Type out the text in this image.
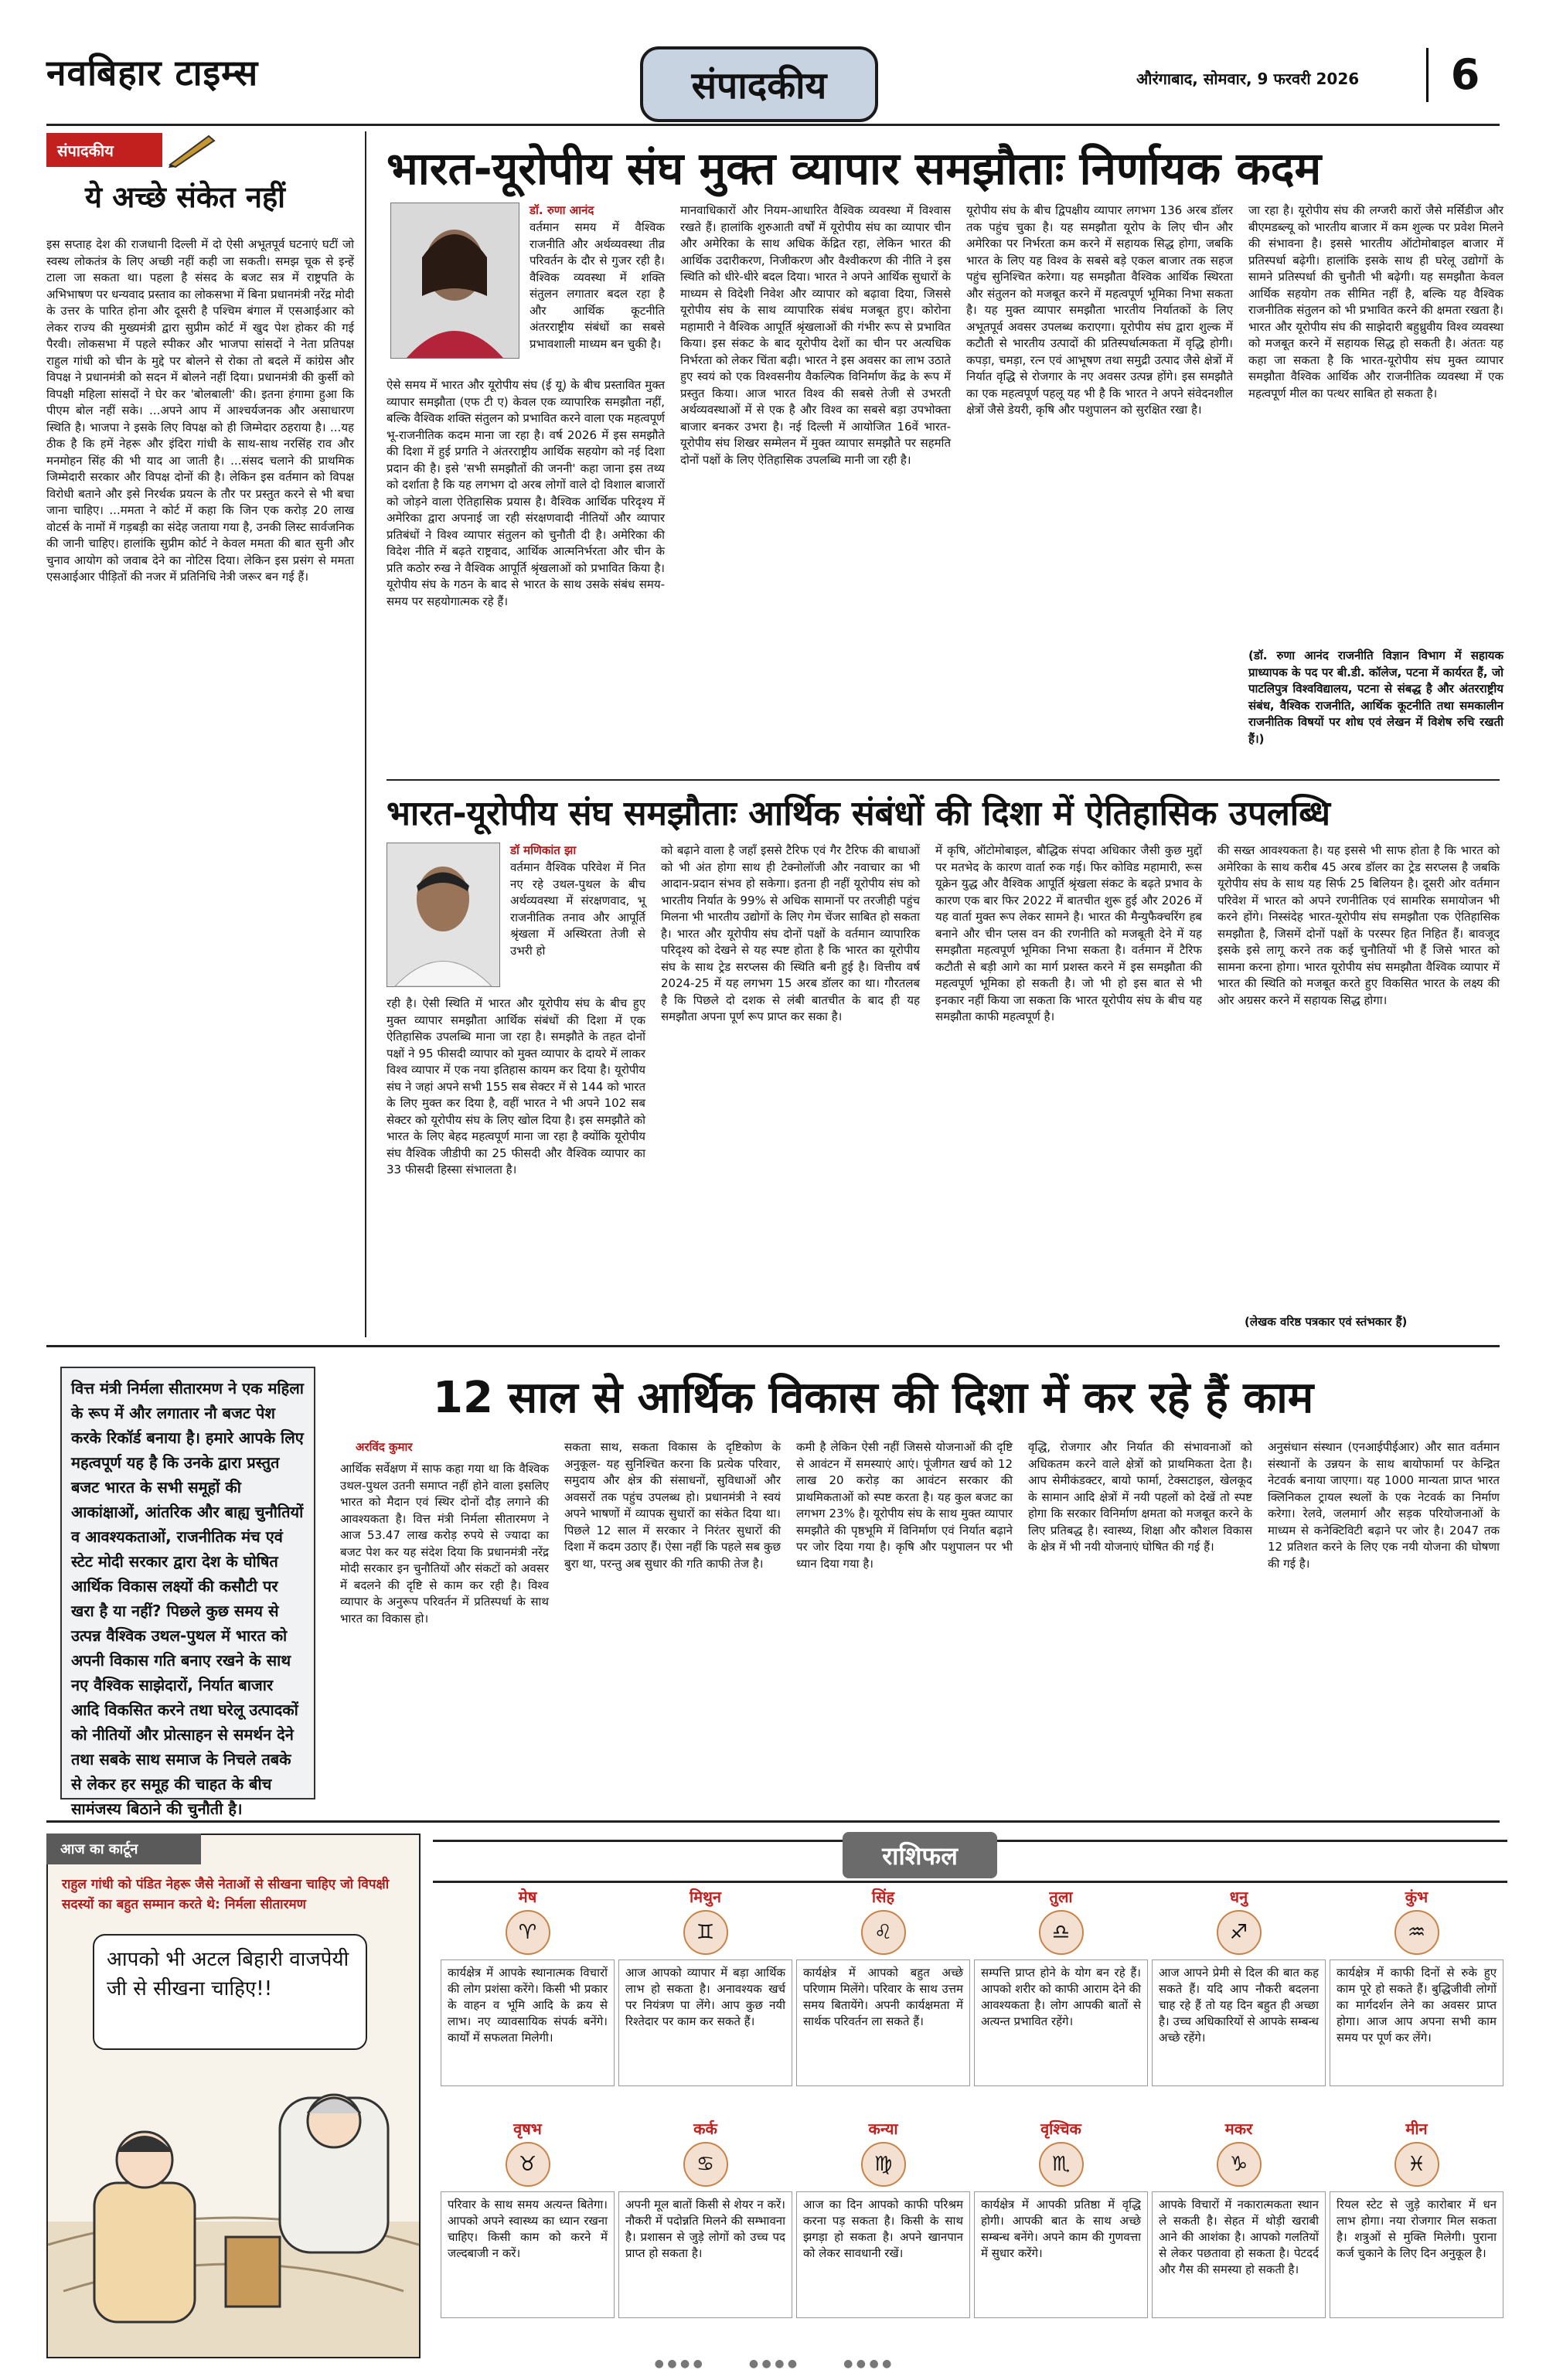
नवबिहार टाइम्स	संपादकीय	औरंगाबाद, सोमवार, 9 फरवरी 2026	6
संपादकीय
ये अच्छे संकेत नहीं
इस सप्ताह देश की राजधानी दिल्ली में दो ऐसी अभूतपूर्व घटनाएं घटीं जो स्वस्थ लोकतंत्र के लिए अच्छी नहीं कही जा सकती। समझ चूक से इन्हें टाला जा सकता था। पहला है संसद के बजट सत्र में राष्ट्रपति के अभिभाषण पर धन्यवाद प्रस्ताव का लोकसभा में बिना प्रधानमंत्री नरेंद्र मोदी के उत्तर के पारित होना और दूसरी है पश्चिम बंगाल में एसआईआर को लेकर राज्य की मुख्यमंत्री द्वारा सुप्रीम कोर्ट में खुद पेश होकर की गई पैरवी। लोकसभा में पहले स्पीकर और भाजपा सांसदों ने नेता प्रतिपक्ष राहुल गांधी को चीन के मुद्दे पर बोलने से रोका तो बदले में कांग्रेस और विपक्ष ने प्रधानमंत्री को सदन में बोलने नहीं दिया। प्रधानमंत्री की कुर्सी को विपक्षी महिला सांसदों ने घेर कर 'बोलबाली' की। इतना हंगामा हुआ कि पीएम बोल नहीं सके। ...अपने आप में आश्चर्यजनक और असाधारण स्थिति है। भाजपा ने इसके लिए विपक्ष को ही जिम्मेदार ठहराया है। ...यह ठीक है कि हमें नेहरू और इंदिरा गांधी के साथ-साथ नरसिंह राव और मनमोहन सिंह की भी याद आ जाती है। ...संसद चलाने की प्राथमिक जिम्मेदारी सरकार और विपक्ष दोनों की है। लेकिन इस वर्तमान को विपक्ष विरोधी बताने और इसे निरर्थक प्रयत्न के तौर पर प्रस्तुत करने से भी बचा जाना चाहिए। ...ममता ने कोर्ट में कहा कि जिन एक करोड़ 20 लाख वोटर्स के नामों में गड़बड़ी का संदेह जताया गया है, उनकी लिस्ट सार्वजनिक की जानी चाहिए। हालांकि सुप्रीम कोर्ट ने केवल ममता की बात सुनी और चुनाव आयोग को जवाब देने का नोटिस दिया। लेकिन इस प्रसंग से ममता एसआईआर पीड़ितों की नजर में प्रतिनिधि नेत्री जरूर बन गई हैं।
भारत-यूरोपीय संघ मुक्त व्यापार समझौताः निर्णायक कदम
डॉ. रुणा आनंद
वर्तमान समय में वैश्विक राजनीति और अर्थव्यवस्था तीव्र परिवर्तन के दौर से गुजर रही है। वैश्विक व्यवस्था में शक्ति संतुलन लगातार बदल रहा है और आर्थिक कूटनीति अंतरराष्ट्रीय संबंधों का सबसे प्रभावशाली माध्यम बन चुकी है।
ऐसे समय में भारत और यूरोपीय संघ (ई यू) के बीच प्रस्तावित मुक्त व्यापार समझौता (एफ टी ए) केवल एक व्यापारिक समझौता नहीं, बल्कि वैश्विक शक्ति संतुलन को प्रभावित करने वाला एक महत्वपूर्ण भू-राजनीतिक कदम माना जा रहा है। वर्ष 2026 में इस समझौते की दिशा में हुई प्रगति ने अंतरराष्ट्रीय आर्थिक सहयोग को नई दिशा प्रदान की है। इसे 'सभी समझौतों की जननी' कहा जाना इस तथ्य को दर्शाता है कि यह लगभग दो अरब लोगों वाले दो विशाल बाजारों को जोड़ने वाला ऐतिहासिक प्रयास है। वैश्विक आर्थिक परिदृश्य में अमेरिका द्वारा अपनाई जा रही संरक्षणवादी नीतियों और व्यापार प्रतिबंधों ने विश्व व्यापार संतुलन को चुनौती दी है। अमेरिका की विदेश नीति में बढ़ते राष्ट्रवाद, आर्थिक आत्मनिर्भरता और चीन के प्रति कठोर रुख ने वैश्विक आपूर्ति श्रृंखलाओं को प्रभावित किया है। यूरोपीय संघ के गठन के बाद से भारत के साथ उसके संबंध समय-समय पर सहयोगात्मक रहे हैं।
मानवाधिकारों और नियम-आधारित वैश्विक व्यवस्था में विश्वास रखते हैं। हालांकि शुरुआती वर्षों में यूरोपीय संघ का व्यापार चीन और अमेरिका के साथ अधिक केंद्रित रहा, लेकिन भारत की आर्थिक उदारीकरण, निजीकरण और वैश्वीकरण की नीति ने इस स्थिति को धीरे-धीरे बदल दिया। भारत ने अपने आर्थिक सुधारों के माध्यम से विदेशी निवेश और व्यापार को बढ़ावा दिया, जिससे यूरोपीय संघ के साथ व्यापारिक संबंध मजबूत हुए। कोरोना महामारी ने वैश्विक आपूर्ति श्रृंखलाओं की गंभीर रूप से प्रभावित किया। इस संकट के बाद यूरोपीय देशों का चीन पर अत्यधिक निर्भरता को लेकर चिंता बढ़ी। भारत ने इस अवसर का लाभ उठाते हुए स्वयं को एक विश्वसनीय वैकल्पिक विनिर्माण केंद्र के रूप में प्रस्तुत किया। आज भारत विश्व की सबसे तेजी से उभरती अर्थव्यवस्थाओं में से एक है और विश्व का सबसे बड़ा उपभोक्ता बाजार बनकर उभरा है। नई दिल्ली में आयोजित 16वें भारत-यूरोपीय संघ शिखर सम्मेलन में मुक्त व्यापार समझौते पर सहमति दोनों पक्षों के लिए ऐतिहासिक उपलब्धि मानी जा रही है।
यूरोपीय संघ के बीच द्विपक्षीय व्यापार लगभग 136 अरब डॉलर तक पहुंच चुका है। यह समझौता यूरोप के लिए चीन और अमेरिका पर निर्भरता कम करने में सहायक सिद्ध होगा, जबकि भारत के लिए यह विश्व के सबसे बड़े एकल बाजार तक सहज पहुंच सुनिश्चित करेगा। यह समझौता वैश्विक आर्थिक स्थिरता और संतुलन को मजबूत करने में महत्वपूर्ण भूमिका निभा सकता है। यह मुक्त व्यापार समझौता भारतीय निर्यातकों के लिए अभूतपूर्व अवसर उपलब्ध कराएगा। यूरोपीय संघ द्वारा शुल्क में कटौती से भारतीय उत्पादों की प्रतिस्पर्धात्मकता में वृद्धि होगी। कपड़ा, चमड़ा, रत्न एवं आभूषण तथा समुद्री उत्पाद जैसे क्षेत्रों में निर्यात वृद्धि से रोजगार के नए अवसर उत्पन्न होंगे। इस समझौते का एक महत्वपूर्ण पहलू यह भी है कि भारत ने अपने संवेदनशील क्षेत्रों जैसे डेयरी, कृषि और पशुपालन को सुरक्षित रखा है।
जा रहा है। यूरोपीय संघ की लग्जरी कारों जैसे मर्सिडीज और बीएमडब्ल्यू को भारतीय बाजार में कम शुल्क पर प्रवेश मिलने की संभावना है। इससे भारतीय ऑटोमोबाइल बाजार में प्रतिस्पर्धा बढ़ेगी। हालांकि इसके साथ ही घरेलू उद्योगों के सामने प्रतिस्पर्धा की चुनौती भी बढ़ेगी। यह समझौता केवल आर्थिक सहयोग तक सीमित नहीं है, बल्कि यह वैश्विक राजनीतिक संतुलन को भी प्रभावित करने की क्षमता रखता है। भारत और यूरोपीय संघ की साझेदारी बहुध्रुवीय विश्व व्यवस्था को मजबूत करने में सहायक सिद्ध हो सकती है। अंततः यह कहा जा सकता है कि भारत-यूरोपीय संघ मुक्त व्यापार समझौता वैश्विक आर्थिक और राजनीतिक व्यवस्था में एक महत्वपूर्ण मील का पत्थर साबित हो सकता है।
(डॉ. रुणा आनंद राजनीति विज्ञान विभाग में सहायक प्राध्यापक के पद पर बी.डी. कॉलेज, पटना में कार्यरत हैं, जो पाटलिपुत्र विश्वविद्यालय, पटना से संबद्ध है और अंतरराष्ट्रीय संबंध, वैश्विक राजनीति, आर्थिक कूटनीति तथा समकालीन राजनीतिक विषयों पर शोध एवं लेखन में विशेष रुचि रखती हैं।)
भारत-यूरोपीय संघ समझौताः आर्थिक संबंधों की दिशा में ऐतिहासिक उपलब्धि
डॉ मणिकांत झा
वर्तमान वैश्विक परिवेश में नित नए रहे उथल-पुथल के बीच अर्थव्यवस्था में संरक्षणवाद, भू राजनीतिक तनाव और आपूर्ति श्रृंखला में अस्थिरता तेजी से उभरी हो
रही है। ऐसी स्थिति में भारत और यूरोपीय संघ के बीच हुए मुक्त व्यापार समझौता आर्थिक संबंधों की दिशा में एक ऐतिहासिक उपलब्धि माना जा रहा है। समझौते के तहत दोनों पक्षों ने 95 फीसदी व्यापार को मुक्त व्यापार के दायरे में लाकर विश्व व्यापार में एक नया इतिहास कायम कर दिया है। यूरोपीय संघ ने जहां अपने सभी 155 सब सेक्टर में से 144 को भारत के लिए मुक्त कर दिया है, वहीं भारत ने भी अपने 102 सब सेक्टर को यूरोपीय संघ के लिए खोल दिया है। इस समझौते को भारत के लिए बेहद महत्वपूर्ण माना जा रहा है क्योंकि यूरोपीय संघ वैश्विक जीडीपी का 25 फीसदी और वैश्विक व्यापार का 33 फीसदी हिस्सा संभालता है।
को बढ़ाने वाला है जहाँ इससे टैरिफ एवं गैर टैरिफ की बाधाओं को भी अंत होगा साथ ही टेक्नोलॉजी और नवाचार का भी आदान-प्रदान संभव हो सकेगा। इतना ही नहीं यूरोपीय संघ को भारतीय निर्यात के 99% से अधिक सामानों पर तरजीही पहुंच मिलना भी भारतीय उद्योगों के लिए गेम चेंजर साबित हो सकता है। भारत और यूरोपीय संघ दोनों पक्षों के वर्तमान व्यापारिक परिदृश्य को देखने से यह स्पष्ट होता है कि भारत का यूरोपीय संघ के साथ ट्रेड सरप्लस की स्थिति बनी हुई है। वित्तीय वर्ष 2024-25 में यह लगभग 15 अरब डॉलर का था। गौरतलब है कि पिछले दो दशक से लंबी बातचीत के बाद ही यह समझौता अपना पूर्ण रूप प्राप्त कर सका है।
में कृषि, ऑटोमोबाइल, बौद्धिक संपदा अधिकार जैसी कुछ मुद्दों पर मतभेद के कारण वार्ता रुक गई। फिर कोविड महामारी, रूस यूक्रेन युद्ध और वैश्विक आपूर्ति श्रृंखला संकट के बढ़ते प्रभाव के कारण एक बार फिर 2022 में बातचीत शुरू हुई और 2026 में यह वार्ता मुक्त रूप लेकर सामने है। भारत की मैन्युफैक्चरिंग हब बनाने और चीन प्लस वन की रणनीति को मजबूती देने में यह समझौता महत्वपूर्ण भूमिका निभा सकता है। वर्तमान में टैरिफ कटौती से बड़ी आगे का मार्ग प्रशस्त करने में इस समझौता की महत्वपूर्ण भूमिका हो सकती है। जो भी हो इस बात से भी इनकार नहीं किया जा सकता कि भारत यूरोपीय संघ के बीच यह समझौता काफी महत्वपूर्ण है।
की सख्त आवश्यकता है। यह इससे भी साफ होता है कि भारत को अमेरिका के साथ करीब 45 अरब डॉलर का ट्रेड सरप्लस है जबकि यूरोपीय संघ के साथ यह सिर्फ 25 बिलियन है। दूसरी ओर वर्तमान परिवेश में भारत को अपने रणनीतिक एवं सामरिक समायोजन भी करने होंगे। निस्संदेह भारत-यूरोपीय संघ समझौता एक ऐतिहासिक समझौता है, जिसमें दोनों पक्षों के परस्पर हित निहित हैं। बावजूद इसके इसे लागू करने तक कई चुनौतियों भी हैं जिसे भारत को सामना करना होगा। भारत यूरोपीय संघ समझौता वैश्विक व्यापार में भारत की स्थिति को मजबूत करते हुए विकसित भारत के लक्ष्य की ओर अग्रसर करने में सहायक सिद्ध होगा।
(लेखक वरिष्ठ पत्रकार एवं स्तंभकार हैं)
वित्त मंत्री निर्मला सीतारमण ने एक महिला के रूप में और लगातार नौ बजट पेश करके रिकॉर्ड बनाया है। हमारे आपके लिए महत्वपूर्ण यह है कि उनके द्वारा प्रस्तुत बजट भारत के सभी समूहों की आकांक्षाओं, आंतरिक और बाह्य चुनौतियों व आवश्यकताओं, राजनीतिक मंच एवं स्टेट मोदी सरकार द्वारा देश के घोषित आर्थिक विकास लक्ष्यों की कसौटी पर खरा है या नहीं? पिछले कुछ समय से उत्पन्न वैश्विक उथल-पुथल में भारत को अपनी विकास गति बनाए रखने के साथ नए वैश्विक साझेदारों, निर्यात बाजार आदि विकसित करने तथा घरेलू उत्पादकों को नीतियों और प्रोत्साहन से समर्थन देने तथा सबके साथ समाज के निचले तबके से लेकर हर समूह की चाहत के बीच सामंजस्य बिठाने की चुनौती है।
12 साल से आर्थिक विकास की दिशा में कर रहे हैं काम
अरविंद कुमार
आर्थिक सर्वेक्षण में साफ कहा गया था कि वैश्विक उथल-पुथल उतनी समाप्त नहीं होने वाला इसलिए भारत को मैदान एवं स्थिर दोनों दौड़ लगाने की आवश्यकता है। वित्त मंत्री निर्मला सीतारमण ने आज 53.47 लाख करोड़ रुपये से ज्यादा का बजट पेश कर यह संदेश दिया कि प्रधानमंत्री नरेंद्र मोदी सरकार इन चुनौतियों और संकटों को अवसर में बदलने की दृष्टि से काम कर रही है। विश्व व्यापार के अनुरूप परिवर्तन में प्रतिस्पर्धा के साथ भारत का विकास हो।
सकता साथ, सकता विकास के दृष्टिकोण के अनुकूल- यह सुनिश्चित करना कि प्रत्येक परिवार, समुदाय और क्षेत्र की संसाधनों, सुविधाओं और अवसरों तक पहुंच उपलब्ध हो। प्रधानमंत्री ने स्वयं अपने भाषणों में व्यापक सुधारों का संकेत दिया था। पिछले 12 साल में सरकार ने निरंतर सुधारों की दिशा में कदम उठाए हैं। ऐसा नहीं कि पहले सब कुछ बुरा था, परन्तु अब सुधार की गति काफी तेज है।
कमी है लेकिन ऐसी नहीं जिससे योजनाओं की दृष्टि से आवंटन में समस्याएं आएं। पूंजीगत खर्च को 12 लाख 20 करोड़ का आवंटन सरकार की प्राथमिकताओं को स्पष्ट करता है। यह कुल बजट का लगभग 23% है। यूरोपीय संघ के साथ मुक्त व्यापार समझौते की पृष्ठभूमि में विनिर्माण एवं निर्यात बढ़ाने पर जोर दिया गया है। कृषि और पशुपालन पर भी ध्यान दिया गया है।
वृद्धि, रोजगार और निर्यात की संभावनाओं को अधिकतम करने वाले क्षेत्रों को प्राथमिकता देता है। आप सेमीकंडक्टर, बायो फार्मा, टेक्सटाइल, खेलकूद के सामान आदि क्षेत्रों में नयी पहलों को देखें तो स्पष्ट होगा कि सरकार विनिर्माण क्षमता को मजबूत करने के लिए प्रतिबद्ध है। स्वास्थ्य, शिक्षा और कौशल विकास के क्षेत्र में भी नयी योजनाएं घोषित की गई हैं।
अनुसंधान संस्थान (एनआईपीईआर) और सात वर्तमान संस्थानों के उन्नयन के साथ बायोफार्मा पर केन्द्रित नेटवर्क बनाया जाएगा। यह 1000 मान्यता प्राप्त भारत क्लिनिकल ट्रायल स्थलों के एक नेटवर्क का निर्माण करेगा। रेलवे, जलमार्ग और सड़क परियोजनाओं के माध्यम से कनेक्टिविटी बढ़ाने पर जोर है। 2047 तक 12 प्रतिशत करने के लिए एक नयी योजना की घोषणा की गई है।
आज का कार्टून
राहुल गांधी को पंडित नेहरू जैसे नेताओं से सीखना चाहिए जो विपक्षी सदस्यों का बहुत सम्मान करते थे: निर्मला सीतारमण
आपको भी अटल बिहारी वाजपेयी जी से सीखना चाहिए!!
राशिफल
मेष
♈
कार्यक्षेत्र में आपके स्थानात्मक विचारों की लोग प्रशंसा करेंगे। किसी भी प्रकार के वाहन व भूमि आदि के क्रय से लाभ। नए व्यावसायिक संपर्क बनेंगे। कार्यों में सफलता मिलेगी।
मिथुन
♊
आज आपको व्यापार में बड़ा आर्थिक लाभ हो सकता है। अनावश्यक खर्च पर नियंत्रण पा लेंगे। आप कुछ नयी रिश्तेदार पर काम कर सकते हैं।
सिंह
♌
कार्यक्षेत्र में आपको बहुत अच्छे परिणाम मिलेंगे। परिवार के साथ उत्तम समय बितायेंगे। अपनी कार्यक्षमता में सार्थक परिवर्तन ला सकते हैं।
तुला
♎
सम्पत्ति प्राप्त होने के योग बन रहे हैं। आपको शरीर को काफी आराम देने की आवश्यकता है। लोग आपकी बातों से अत्यन्त प्रभावित रहेंगे।
धनु
♐
आज आपने प्रेमी से दिल की बात कह सकते हैं। यदि आप नौकरी बदलना चाह रहे हैं तो यह दिन बहुत ही अच्छा है। उच्च अधिकारियों से आपके सम्बन्ध अच्छे रहेंगे।
कुंभ
♒
कार्यक्षेत्र में काफी दिनों से रुके हुए काम पूरे हो सकते हैं। बुद्धिजीवी लोगों का मार्गदर्शन लेने का अवसर प्राप्त होगा। आज आप अपना सभी काम समय पर पूर्ण कर लेंगे।
वृषभ
♉
परिवार के साथ समय अत्यन्त बितेगा। आपको अपने स्वास्थ्य का ध्यान रखना चाहिए। किसी काम को करने में जल्दबाजी न करें।
कर्क
♋
अपनी मूल बातों किसी से शेयर न करें। नौकरी में पदोन्नति मिलने की सम्भावना है। प्रशासन से जुड़े लोगों को उच्च पद प्राप्त हो सकता है।
कन्या
♍
आज का दिन आपको काफी परिश्रम करना पड़ सकता है। किसी के साथ झगड़ा हो सकता है। अपने खानपान को लेकर सावधानी रखें।
वृश्चिक
♏
कार्यक्षेत्र में आपकी प्रतिष्ठा में वृद्धि होगी। आपकी बात के साथ अच्छे सम्बन्ध बनेंगे। अपने काम की गुणवत्ता में सुधार करेंगे।
मकर
♑
आपके विचारों में नकारात्मकता स्थान ले सकती है। सेहत में थोड़ी खराबी आने की आशंका है। आपको गलतियों से लेकर पछतावा हो सकता है। पेटदर्द और गैस की समस्या हो सकती है।
मीन
♓
रियल स्टेट से जुड़े कारोबार में धन लाभ होगा। नया रोजगार मिल सकता है। शत्रुओं से मुक्ति मिलेगी। पुराना कर्ज चुकाने के लिए दिन अनुकूल है।
● ● ● ●	● ● ● ●	● ● ● ●
